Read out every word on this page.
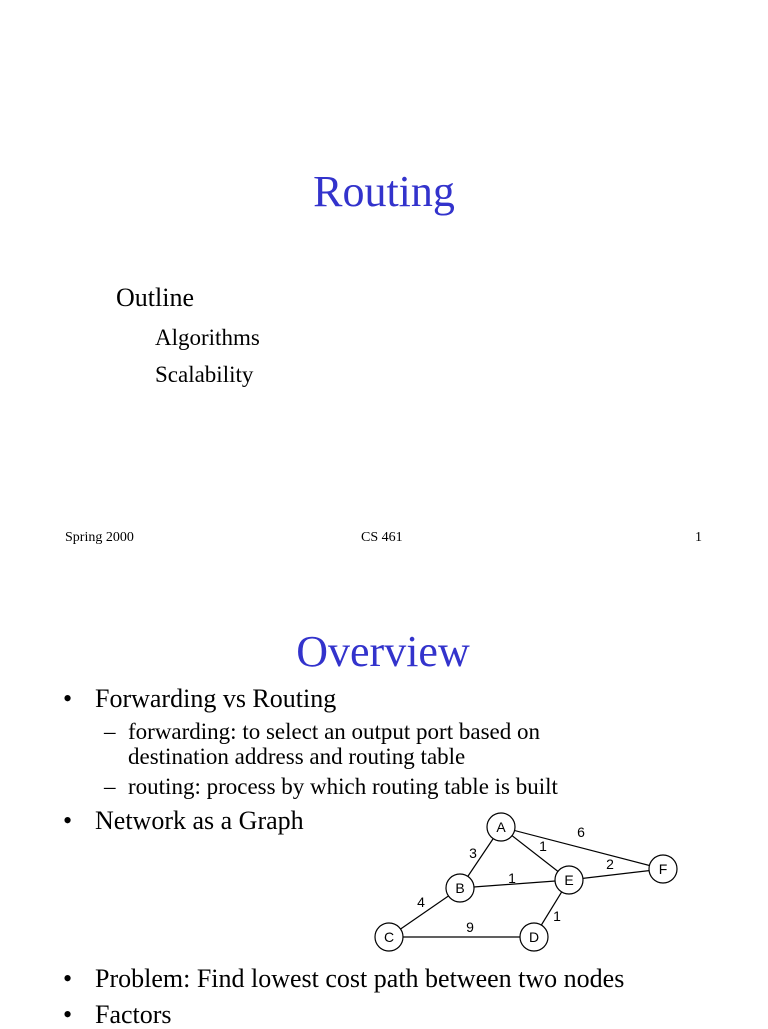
Routing
Outline
Algorithms
Scalability
Spring 2000	CS 461	1
Overview
• Forwarding vs Routing
– forwarding: to select an output port based on
destination address and routing table
– routing: process by which routing table is built
• Network as a Graph	6
1
3
1
2
4
9
1
A
B
C	D
E
F
• Problem: Find lowest cost path between two nodes
• Factors
